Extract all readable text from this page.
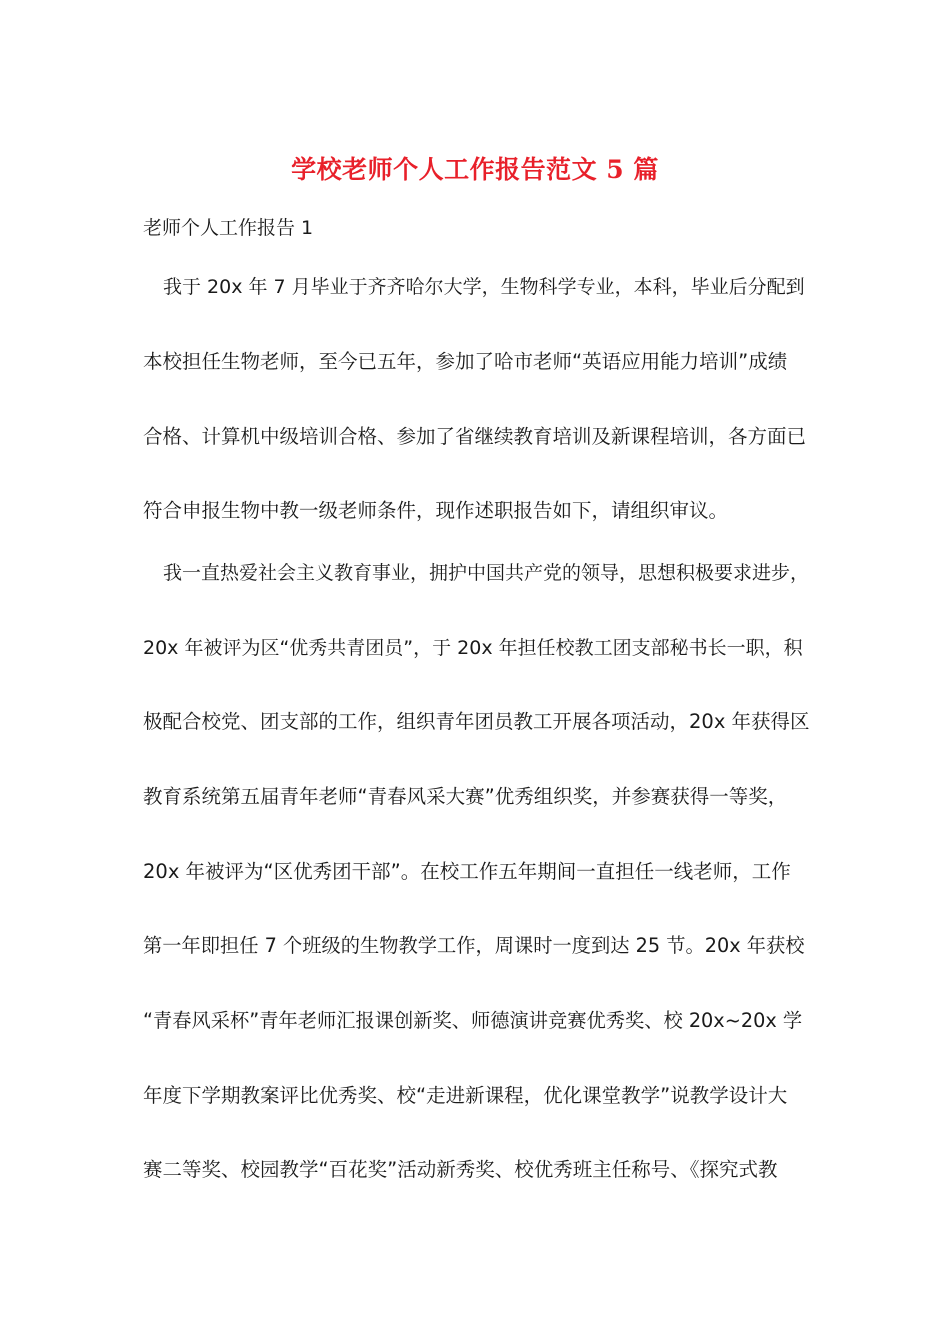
学校老师个人工作报告范文 5 篇
老师个人工作报告 1

我于 20x 年 7 月毕业于齐齐哈尔大学，生物科学专业，本科，毕业后分配到

本校担任生物老师，至今已五年，参加了哈市老师“英语应用能力培训”成绩

合格、计算机中级培训合格、参加了省继续教育培训及新课程培训，各方面已

符合申报生物中教一级老师条件，现作述职报告如下，请组织审议。

我一直热爱社会主义教育事业，拥护中国共产党的领导，思想积极要求进步，

20x 年被评为区“优秀共青团员”，于 20x 年担任校教工团支部秘书长一职，积

极配合校党、团支部的工作，组织青年团员教工开展各项活动，20x 年获得区

教育系统第五届青年老师“青春风采大赛”优秀组织奖，并参赛获得一等奖，

20x 年被评为“区优秀团干部”。在校工作五年期间一直担任一线老师，工作

第一年即担任 7 个班级的生物教学工作，周课时一度到达 25 节。20x 年获校

“青春风采杯”青年老师汇报课创新奖、师德演讲竞赛优秀奖、校 20x~20x 学

年度下学期教案评比优秀奖、校“走进新课程，优化课堂教学”说教学设计大

赛二等奖、校园教学“百花奖”活动新秀奖、校优秀班主任称号、《探究式教
